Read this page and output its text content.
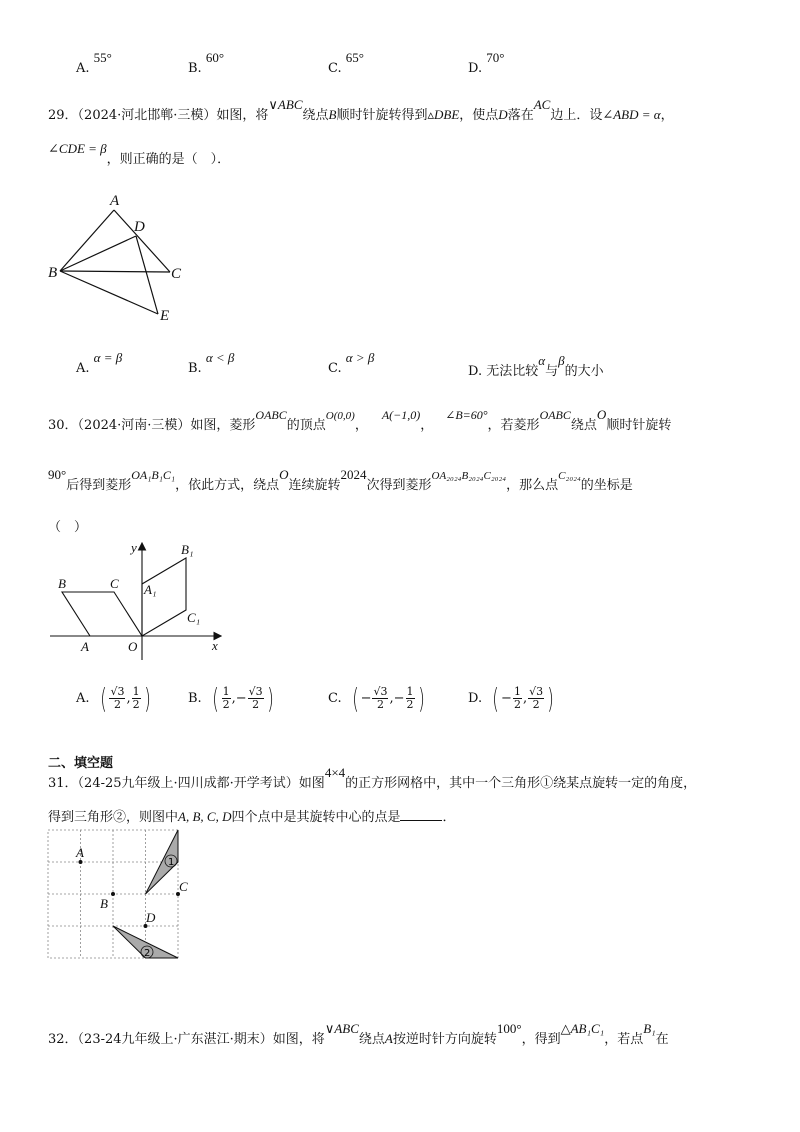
A. 55°
B. 60°
C. 65°
D. 70°
29．（2024·河北邯郸·三模）如图，将∨ABC绕点B顺时针旋转得到▵DBE，使点D落在AC边上．设∠ABD = α，
∠CDE = β，则正确的是（　）．
A
D
B	C
E
A. α = β
B. α < β
C. α > β
D. 无法比较α与β的大小
30．（2024·河南·三模）如图，菱形OABC的顶点$^{O(0,0)}$，A(−1,0)，∠B=60°，若菱形OABC绕点O顺时针旋转
90°后得到菱形OA₁B₁C₁，依此方式，绕点O连续旋转2024次得到菱形$^{OA_{2024}B_{2024}C_{2024}}$，那么点$^{C_{2024}}$的坐标是
（　）
y
x
B	C
A	O
B₁
A₁
C₁
A. ( $\frac{√3}{2}$ , $\frac{1}{2}$ )	B. ( $\frac{1}{2}$ ,− $\frac{√3}{2}$ )	C. ( − $\frac{√3}{2}$ ,− $\frac{1}{2}$ )	D. ( − $\frac{1}{2}$ , $\frac{√3}{2}$ )
二、填空题
31．（24-25九年级上·四川成都·开学考试）如图4×4的正方形网格中，其中一个三角形①绕某点旋转一定的角度，
得到三角形②，则图中A, B, C, D四个点中是其旋转中心的点是	．
1
2
A
B
C
D
32．（23-24九年级上·广东湛江·期末）如图，将∨ABC绕点A按逆时针方向旋转100°，得到△AB₁C₁，若点B₁在
